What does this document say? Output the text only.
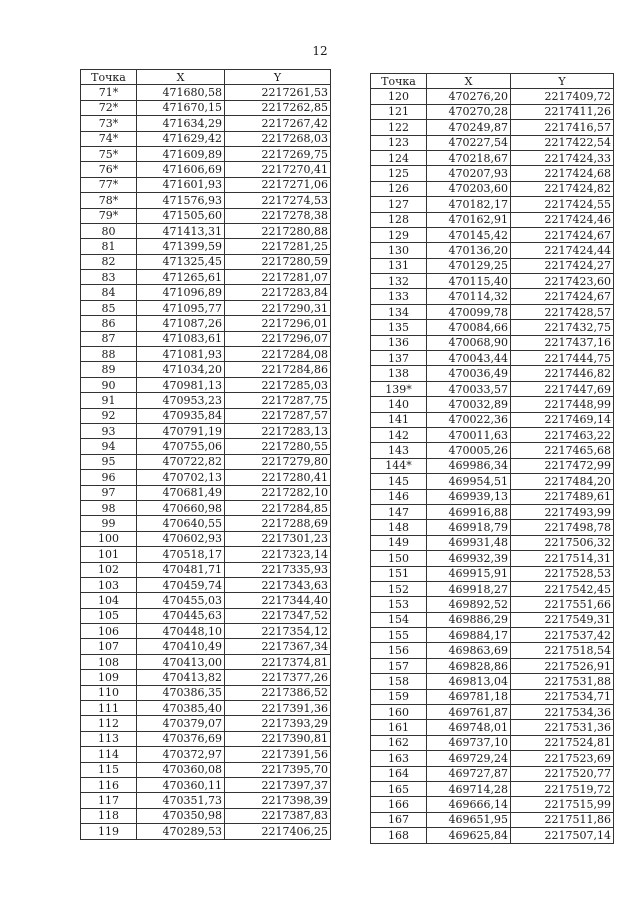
12
Точка	X	Y
71*	471680,58	2217261,53
72*	471670,15	2217262,85
73*	471634,29	2217267,42
74*	471629,42	2217268,03
75*	471609,89	2217269,75
76*	471606,69	2217270,41
77*	471601,93	2217271,06
78*	471576,93	2217274,53
79*	471505,60	2217278,38
80	471413,31	2217280,88
81	471399,59	2217281,25
82	471325,45	2217280,59
83	471265,61	2217281,07
84	471096,89	2217283,84
85	471095,77	2217290,31
86	471087,26	2217296,01
87	471083,61	2217296,07
88	471081,93	2217284,08
89	471034,20	2217284,86
90	470981,13	2217285,03
91	470953,23	2217287,75
92	470935,84	2217287,57
93	470791,19	2217283,13
94	470755,06	2217280,55
95	470722,82	2217279,80
96	470702,13	2217280,41
97	470681,49	2217282,10
98	470660,98	2217284,85
99	470640,55	2217288,69
100	470602,93	2217301,23
101	470518,17	2217323,14
102	470481,71	2217335,93
103	470459,74	2217343,63
104	470455,03	2217344,40
105	470445,63	2217347,52
106	470448,10	2217354,12
107	470410,49	2217367,34
108	470413,00	2217374,81
109	470413,82	2217377,26
110	470386,35	2217386,52
111	470385,40	2217391,36
112	470379,07	2217393,29
113	470376,69	2217390,81
114	470372,97	2217391,56
115	470360,08	2217395,70
116	470360,11	2217397,37
117	470351,73	2217398,39
118	470350,98	2217387,83
119	470289,53	2217406,25
Точка	X	Y
120	470276,20	2217409,72
121	470270,28	2217411,26
122	470249,87	2217416,57
123	470227,54	2217422,54
124	470218,67	2217424,33
125	470207,93	2217424,68
126	470203,60	2217424,82
127	470182,17	2217424,55
128	470162,91	2217424,46
129	470145,42	2217424,67
130	470136,20	2217424,44
131	470129,25	2217424,27
132	470115,40	2217423,60
133	470114,32	2217424,67
134	470099,78	2217428,57
135	470084,66	2217432,75
136	470068,90	2217437,16
137	470043,44	2217444,75
138	470036,49	2217446,82
139*	470033,57	2217447,69
140	470032,89	2217448,99
141	470022,36	2217469,14
142	470011,63	2217463,22
143	470005,26	2217465,68
144*	469986,34	2217472,99
145	469954,51	2217484,20
146	469939,13	2217489,61
147	469916,88	2217493,99
148	469918,79	2217498,78
149	469931,48	2217506,32
150	469932,39	2217514,31
151	469915,91	2217528,53
152	469918,27	2217542,45
153	469892,52	2217551,66
154	469886,29	2217549,31
155	469884,17	2217537,42
156	469863,69	2217518,54
157	469828,86	2217526,91
158	469813,04	2217531,88
159	469781,18	2217534,71
160	469761,87	2217534,36
161	469748,01	2217531,36
162	469737,10	2217524,81
163	469729,24	2217523,69
164	469727,87	2217520,77
165	469714,28	2217519,72
166	469666,14	2217515,99
167	469651,95	2217511,86
168	469625,84	2217507,14
